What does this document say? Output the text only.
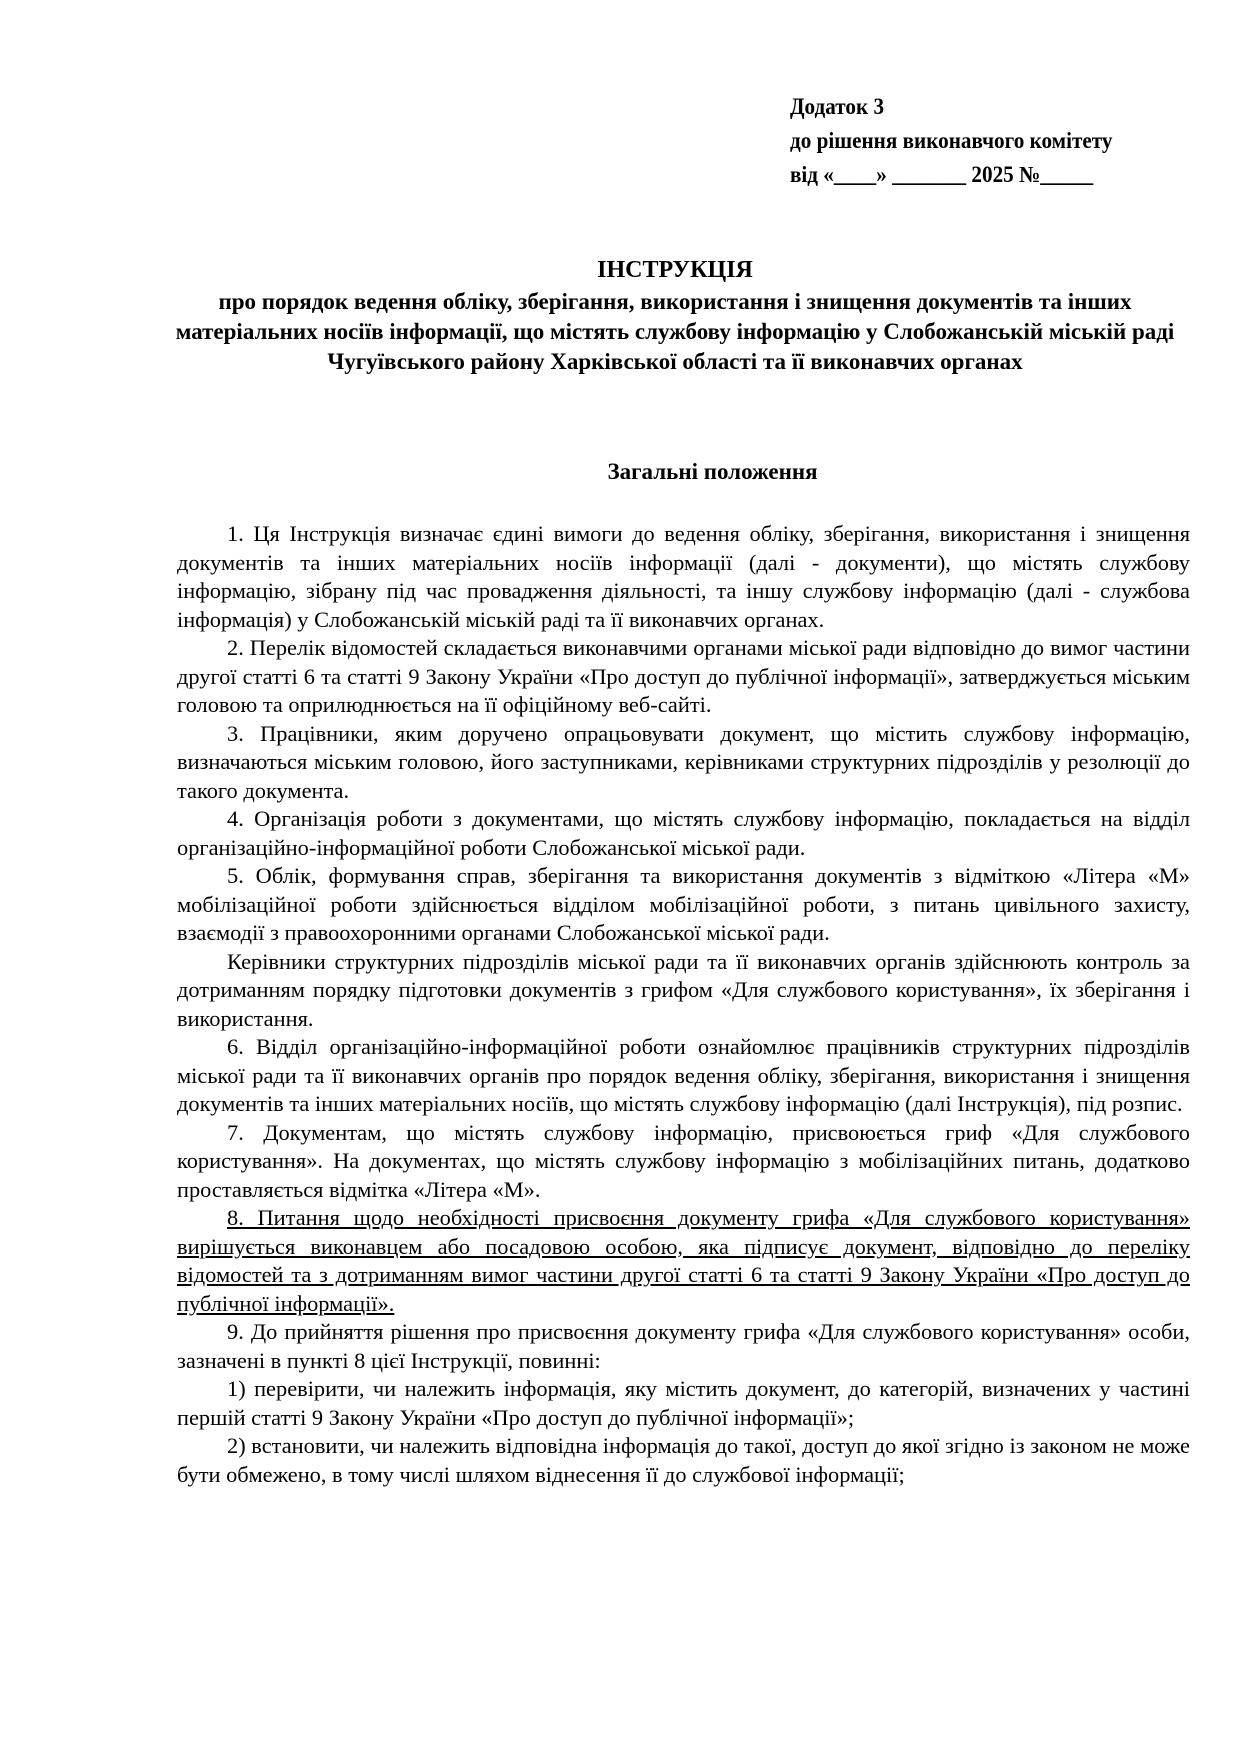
Додаток 3
до рішення виконавчого комітету
від «____» _______ 2025 №_____
ІНСТРУКЦІЯ
про порядок ведення обліку, зберігання, використання і знищення документів та інших матеріальних носіїв інформації, що містять службову інформацію у Слобожанській міській раді Чугуївського району Харківської області та її виконавчих органах
Загальні положення

1. Ця Інструкція визначає єдині вимоги до ведення обліку, зберігання, використання і знищення документів та інших матеріальних носіїв інформації (далі - документи), що містять службову інформацію, зібрану під час провадження діяльності, та іншу службову інформацію (далі - службова інформація) у Слобожанській міській раді та її виконавчих органах.

2. Перелік відомостей складається виконавчими органами міської ради відповідно до вимог частини другої статті 6 та статті 9 Закону України «Про доступ до публічної інформації», затверджується міським головою та оприлюднюється на її офіційному веб-сайті.

3. Працівники, яким доручено опрацьовувати документ, що містить службову інформацію, визначаються міським головою, його заступниками, керівниками структурних підрозділів у резолюції до такого документа.

4. Організація роботи з документами, що містять службову інформацію, покладається на відділ організаційно-інформаційної роботи Слобожанської міської ради.

5. Облік, формування справ, зберігання та використання документів з відміткою «Літера «М» мобілізаційної роботи здійснюється відділом мобілізаційної роботи, з питань цивільного захисту, взаємодії з правоохоронними органами Слобожанської міської ради.

Керівники структурних підрозділів міської ради та її виконавчих органів здійснюють контроль за дотриманням порядку підготовки документів з грифом «Для службового користування», їх зберігання і використання.

6. Відділ організаційно-інформаційної роботи ознайомлює працівників структурних підрозділів міської ради та її виконавчих органів про порядок ведення обліку, зберігання, використання і знищення документів та інших матеріальних носіїв, що містять службову інформацію (далі Інструкція), під розпис.

7. Документам, що містять службову інформацію, присвоюється гриф «Для службового користування». На документах, що містять службову інформацію з мобілізаційних питань, додатково проставляється відмітка «Літера «М».

8. Питання щодо необхідності присвоєння документу грифа «Для службового користування» вирішується виконавцем або посадовою особою, яка підписує документ, відповідно до переліку відомостей та з дотриманням вимог частини другої статті 6 та статті 9 Закону України «Про доступ до публічної інформації».

9. До прийняття рішення про присвоєння документу грифа «Для службового користування» особи, зазначені в пункті 8 цієї Інструкції, повинні:

1) перевірити, чи належить інформація, яку містить документ, до категорій, визначених у частині першій статті 9 Закону України «Про доступ до публічної інформації»;

2) встановити, чи належить відповідна інформація до такої, доступ до якої згідно із законом не може бути обмежено, в тому числі шляхом віднесення її до службової інформації;
